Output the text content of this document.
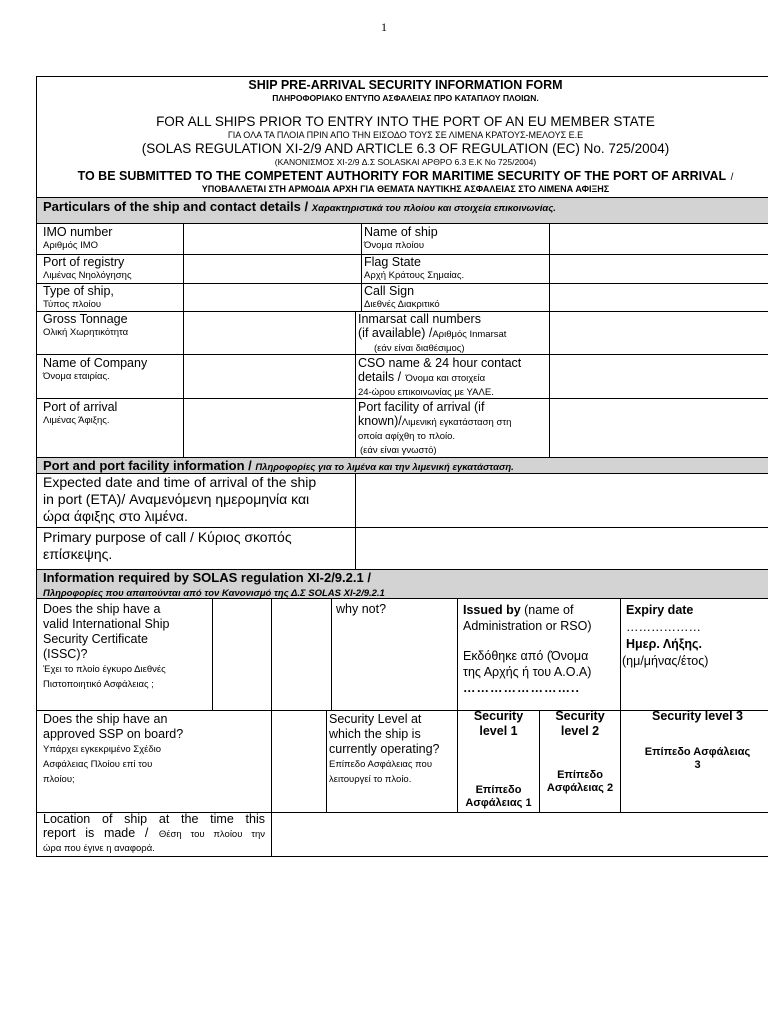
1
SHIP PRE-ARRIVAL SECURITY INFORMATION FORM
ΠΛΗΡΟΦΟΡΙΑΚΟ ΕΝΤΥΠΟ ΑΣΦΑΛΕΙΑΣ ΠΡΟ ΚΑΤΑΠΛΟΥ ΠΛΟΙΩΝ.
FOR ALL SHIPS PRIOR TO ENTRY INTO THE PORT OF AN EU MEMBER STATE
ΓΙΑ ΟΛΑ ΤΑ ΠΛΟΙΑ ΠΡΙΝ ΑΠΟ ΤΗΝ ΕΙΣΟΔΟ ΤΟΥΣ ΣΕ ΛΙΜΕΝΑ ΚΡΑΤΟΥΣ-ΜΕΛΟΥΣ Ε.Ε
(SOLAS REGULATION XI-2/9 AND ARTICLE 6.3 OF REGULATION (EC) No. 725/2004)
(ΚΑΝΟΝΙΣΜΟΣ XI-2/9 Δ.Σ SOLASKAI ΑΡΘΡΟ 6.3 Ε.Κ No 725/2004)
TO BE SUBMITTED TO THE COMPETENT AUTHORITY FOR MARITIME SECURITY OF THE PORT OF ARRIVAL /
ΥΠΟΒΑΛΛΕΤΑΙ ΣΤΗ ΑΡΜΟΔΙΑ ΑΡΧΗ ΓΙΑ ΘΕΜΑΤΑ ΝΑΥΤΙΚΗΣ ΑΣΦΑΛΕΙΑΣ ΣΤΟ ΛΙΜΕΝΑ ΑΦΙΞΗΣ
Particulars of the ship and contact details / Χαρακτηριστικά του πλοίου και στοιχεία επικοινωνίας.
IMO number
Αριθμός IMO
Name of ship
Όνομα πλοίου
Port of registry
Λιμένας Νηολόγησης
Flag State
Αρχή Κράτους Σημαίας.
Type of ship,
Τύπος πλοίου
Call Sign
Διεθνές Διακριτικό
Gross Tonnage
Ολική Χωρητικότητα
Inmarsat call numbers
(if available) /Αριθμός Inmarsat
(εάν είναι διαθέσιμος)
Name of Company
Όνομα εταιρίας.
CSO name & 24 hour contact
details / Όνομα και στοιχεία
24-ώρου επικοινωνίας με ΥΑΛΕ.
Port of arrival
Λιμένας Άφιξης.
Port facility of arrival (if
known)/Λιμενική εγκατάσταση στη
οποία αφίχθη το πλοίο.
(εάν είναι γνωστό)
Port and port facility information / Πληροφορίες για το λιμένα και την λιμενική εγκατάσταση.
Expected date and time of arrival of the ship
in port (ETA)/ Αναμενόμενη ημερομηνία και
ώρα άφιξης στο λιμένα.
Primary purpose of call / Κύριος σκοπός
επίσκεψης.
Information required by SOLAS regulation XI-2/9.2.1 /
Πληροφορίες που απαιτούνται από τον Κανονισμό της Δ.Σ SOLAS XI-2/9.2.1
Does the ship have a
valid International Ship
Security Certificate
(ISSC)?
Έχει το πλοίο έγκυρο Διεθνές
Πιστοποιητικό Ασφάλειας ;
why not?	Issued by (name of
Administration or RSO)
Εκδόθηκε από (Όνομα
της Αρχής ή του Α.Ο.Α)
……………………..
Expiry date
………………
Ημερ. Λήξης.
(ημ/μήνας/έτος)
Does the ship have an
approved SSP on board?
Υπάρχει εγκεκριμένο Σχέδιο
Ασφάλειας Πλοίου επί του
πλοίου;
Security Level at
which the ship is
currently operating?
Επίπεδο Ασφάλειας που
λειτουργεί το πλοίο.
Security
level 1
Επίπεδο
Ασφάλειας 1
Security
level 2
Επίπεδο
Ασφάλειας 2
Security level 3
Επίπεδο Ασφάλειας
3
Location of ship at the time this
report is made / Θέση του πλοίου την
ώρα που έγινε η αναφορά.
